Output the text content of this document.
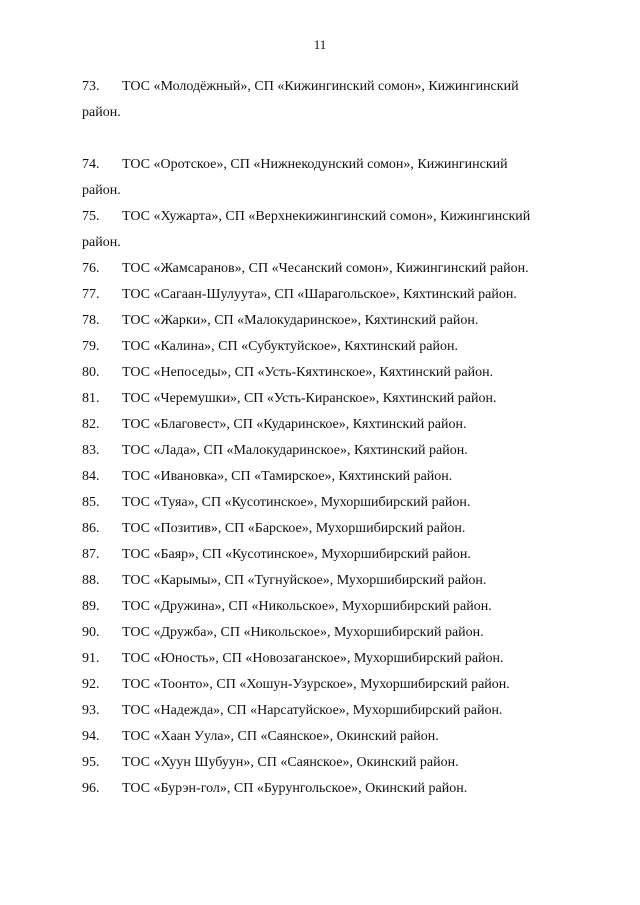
11
73. ТОС «Молодёжный», СП «Кижингинский сомон», Кижингинский
район.
74. ТОС «Оротское», СП «Нижнекодунский сомон», Кижингинский
район.
75. ТОС «Хужарта», СП «Верхнекижингинский сомон», Кижингинский
район.
76. ТОС «Жамсаранов», СП «Чесанский сомон», Кижингинский район.
77. ТОС «Сагаан-Шулуута», СП «Шарагольское», Кяхтинский район.
78. ТОС «Жарки», СП «Малокударинское», Кяхтинский район.
79. ТОС «Калина», СП «Субуктуйское», Кяхтинский район.
80. ТОС «Непоседы», СП «Усть-Кяхтинское», Кяхтинский район.
81. ТОС «Черемушки», СП «Усть-Киранское», Кяхтинский район.
82. ТОС «Благовест», СП «Кударинское», Кяхтинский район.
83. ТОС «Лада», СП «Малокударинское», Кяхтинский район.
84. ТОС «Ивановка», СП «Тамирское», Кяхтинский район.
85. ТОС «Туяа», СП «Кусотинское», Мухоршибирский район.
86. ТОС «Позитив», СП «Барское», Мухоршибирский район.
87. ТОС «Баяр», СП «Кусотинское», Мухоршибирский район.
88. ТОС «Карымы», СП «Тугнуйское», Мухоршибирский район.
89. ТОС «Дружина», СП «Никольское», Мухоршибирский район.
90. ТОС «Дружба», СП «Никольское», Мухоршибирский район.
91. ТОС «Юность», СП «Новозаганское», Мухоршибирский район.
92. ТОС «Тоонто», СП «Хошун-Узурское», Мухоршибирский район.
93. ТОС «Надежда», СП «Нарсатуйское», Мухоршибирский район.
94. ТОС «Хаан Уула», СП «Саянское», Окинский район.
95. ТОС «Хуун Шубуун», СП «Саянское», Окинский район.
96. ТОС «Бурэн-гол», СП «Бурунгольское», Окинский район.
